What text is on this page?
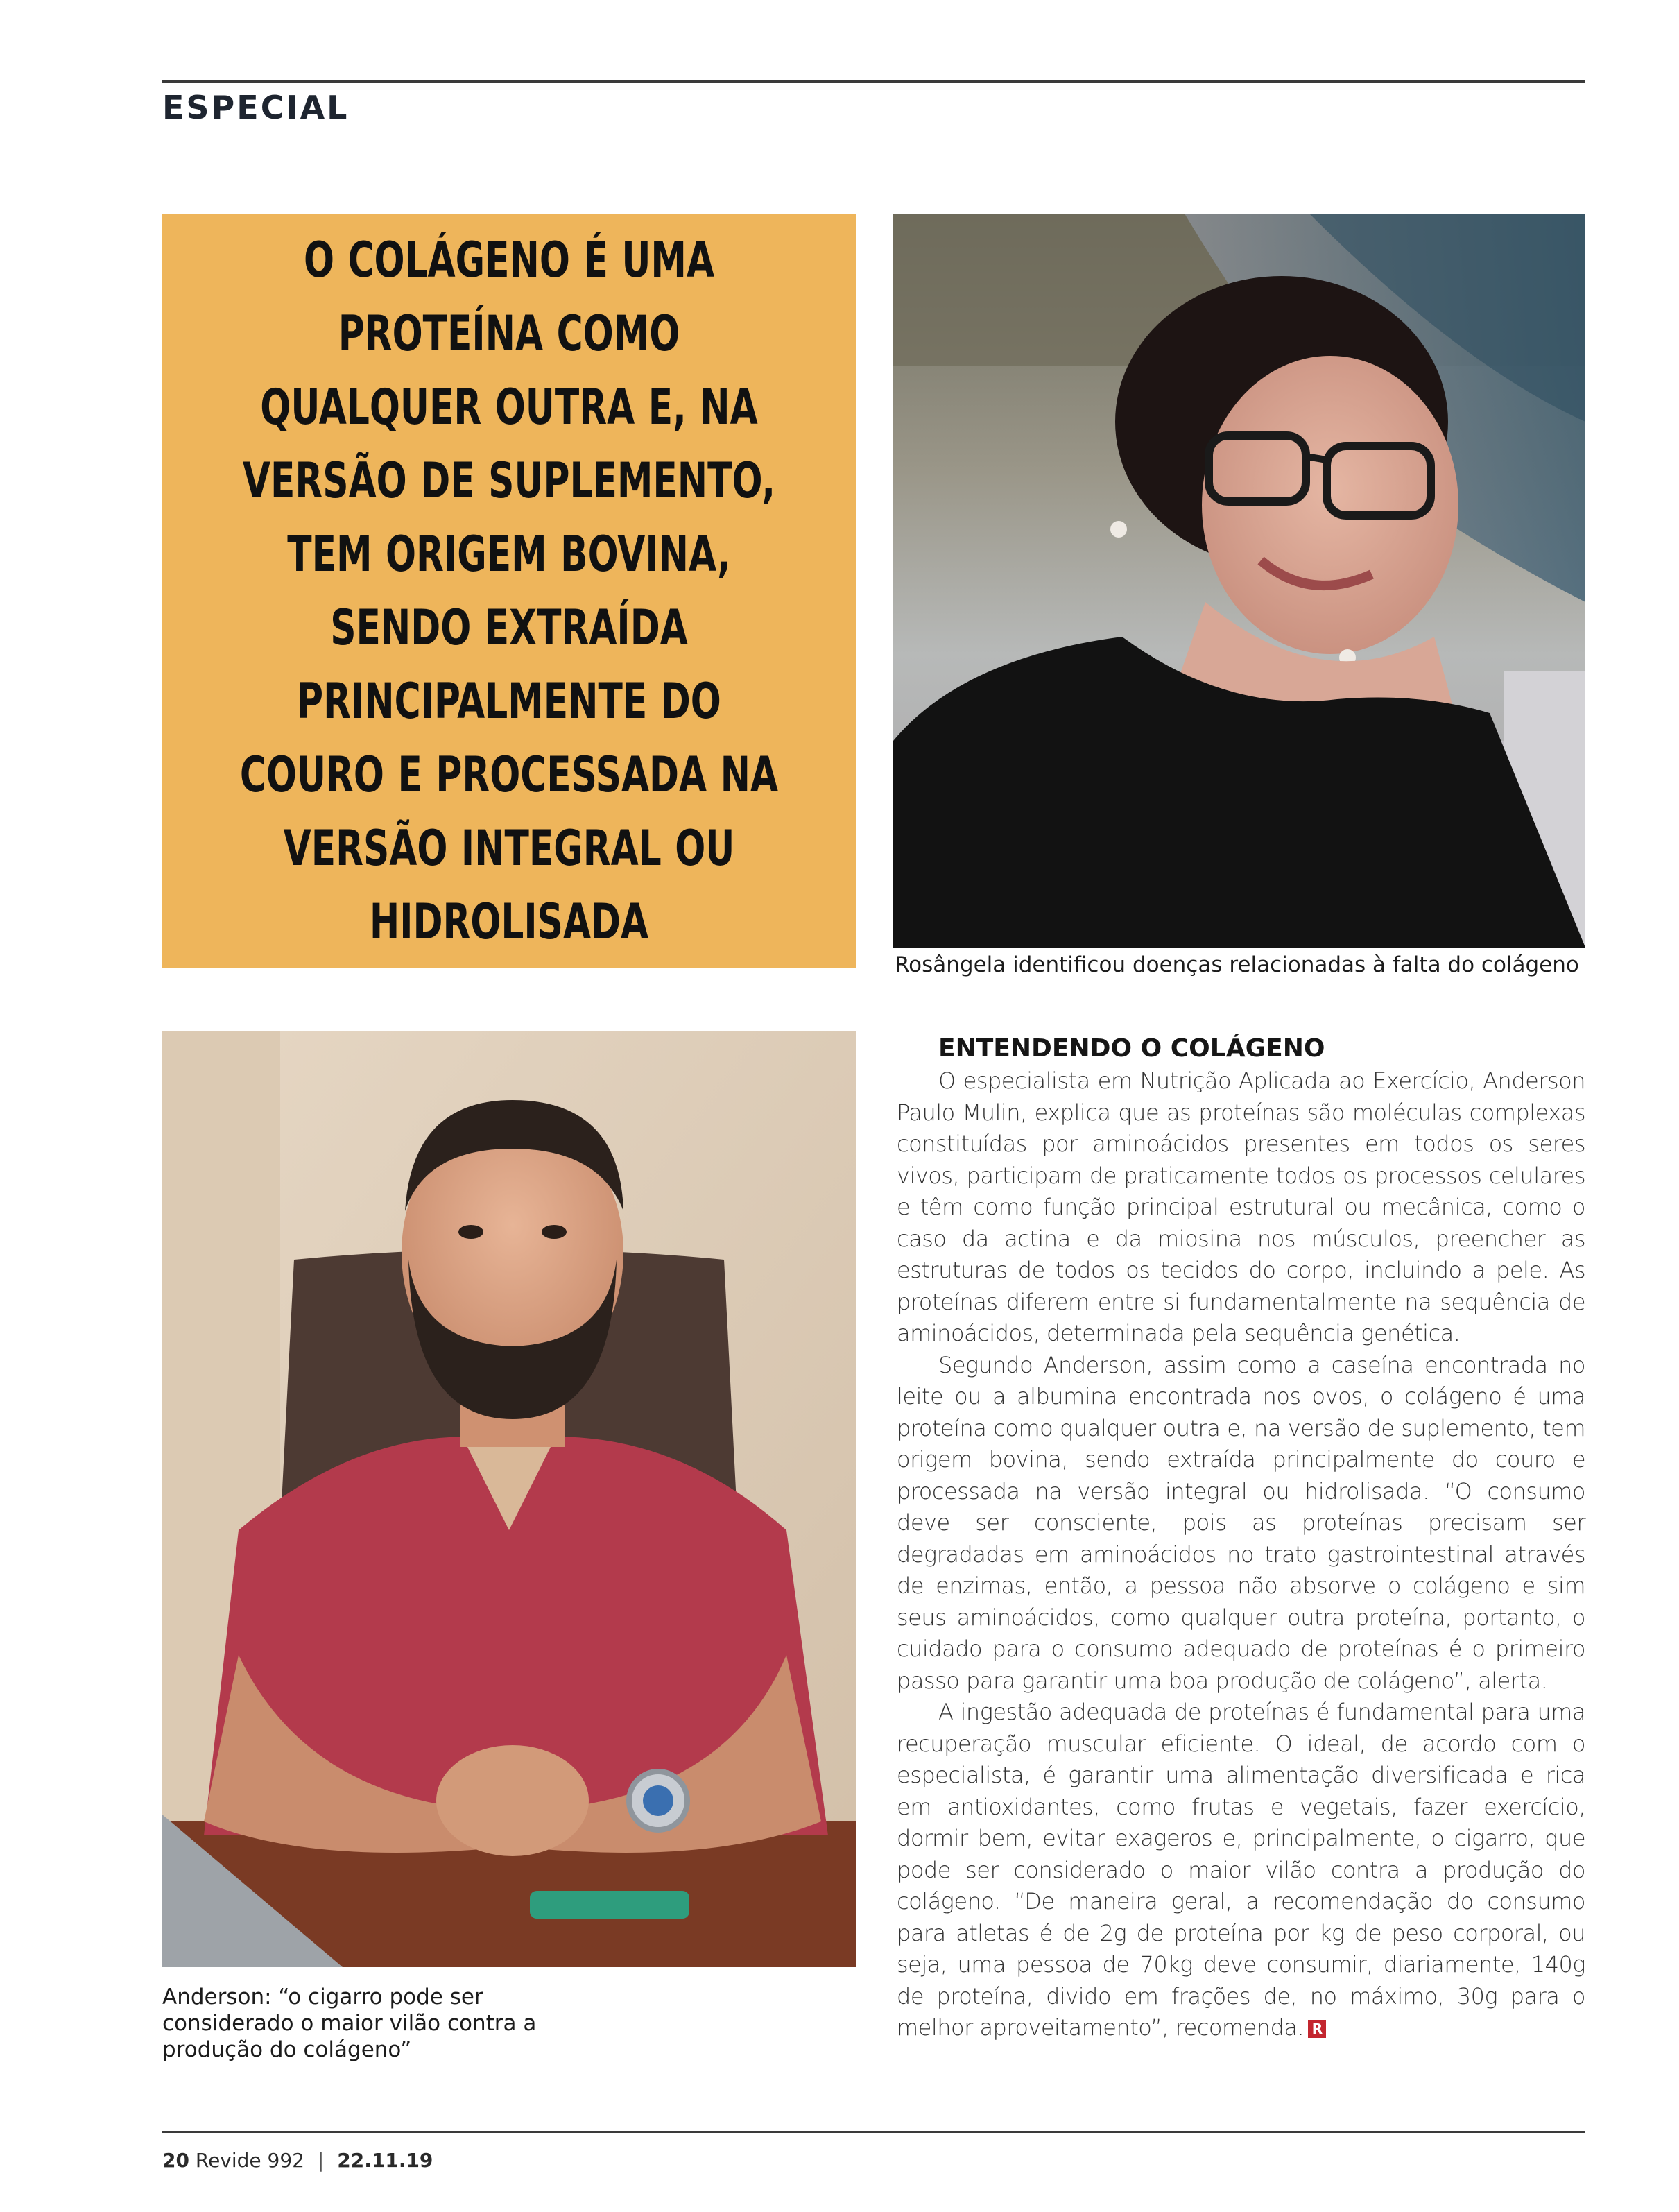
ESPECIAL
O COLÁGENO É UMA PROTEÍNA COMO QUALQUER OUTRA E, NA VERSÃO DE SUPLEMENTO, TEM ORIGEM BOVINA, SENDO EXTRAÍDA PRINCIPALMENTE DO COURO E PROCESSADA NA VERSÃO INTEGRAL OU HIDROLISADA
Rosângela identificou doenças relacionadas à falta do colágeno
Anderson: “o cigarro pode ser considerado o maior vilão contra a produção do colágeno”
ENTENDENDO O COLÁGENO

O especialista em Nutrição Aplicada ao Exercício, Anderson Paulo Mulin, explica que as proteínas são moléculas complexas constituídas por aminoácidos presentes em todos os seres vivos, participam de praticamente todos os processos celulares e têm como função principal estrutural ou mecânica, como o caso da actina e da miosina nos músculos, preencher as estruturas de todos os tecidos do corpo, incluindo a pele. As proteínas diferem entre si fundamentalmente na sequência de aminoácidos, determinada pela sequência genética.

Segundo Anderson, assim como a caseína encontrada no leite ou a albumina encontrada nos ovos, o colágeno é uma proteína como qualquer outra e, na versão de suplemento, tem origem bovina, sendo extraída principalmente do couro e processada na versão integral ou hidrolisada. “O consumo deve ser consciente, pois as proteínas precisam ser degradadas em aminoácidos no trato gastrointestinal através de enzimas, então, a pessoa não absorve o colágeno e sim seus aminoácidos, como qualquer outra proteína, portanto, o cuidado para o consumo adequado de proteínas é o primeiro passo para garantir uma boa produção de colágeno”, alerta.

A ingestão adequada de proteínas é fundamental para uma recuperação muscular eficiente. O ideal, de acordo com o especialista, é garantir uma alimentação diversificada e rica em antioxidantes, como frutas e vegetais, fazer exercício, dormir bem, evitar exageros e, principalmente, o cigarro, que pode ser considerado o maior vilão contra a produção do colágeno. “De maneira geral, a recomendação do consumo para atletas é de 2g de proteína por kg de peso corporal, ou seja, uma pessoa de 70kg deve consumir, diariamente, 140g de proteína, divido em frações de, no máximo, 30g para o melhor aproveitamento”, recomenda. R

20 Revide 992 | 22.11.19
